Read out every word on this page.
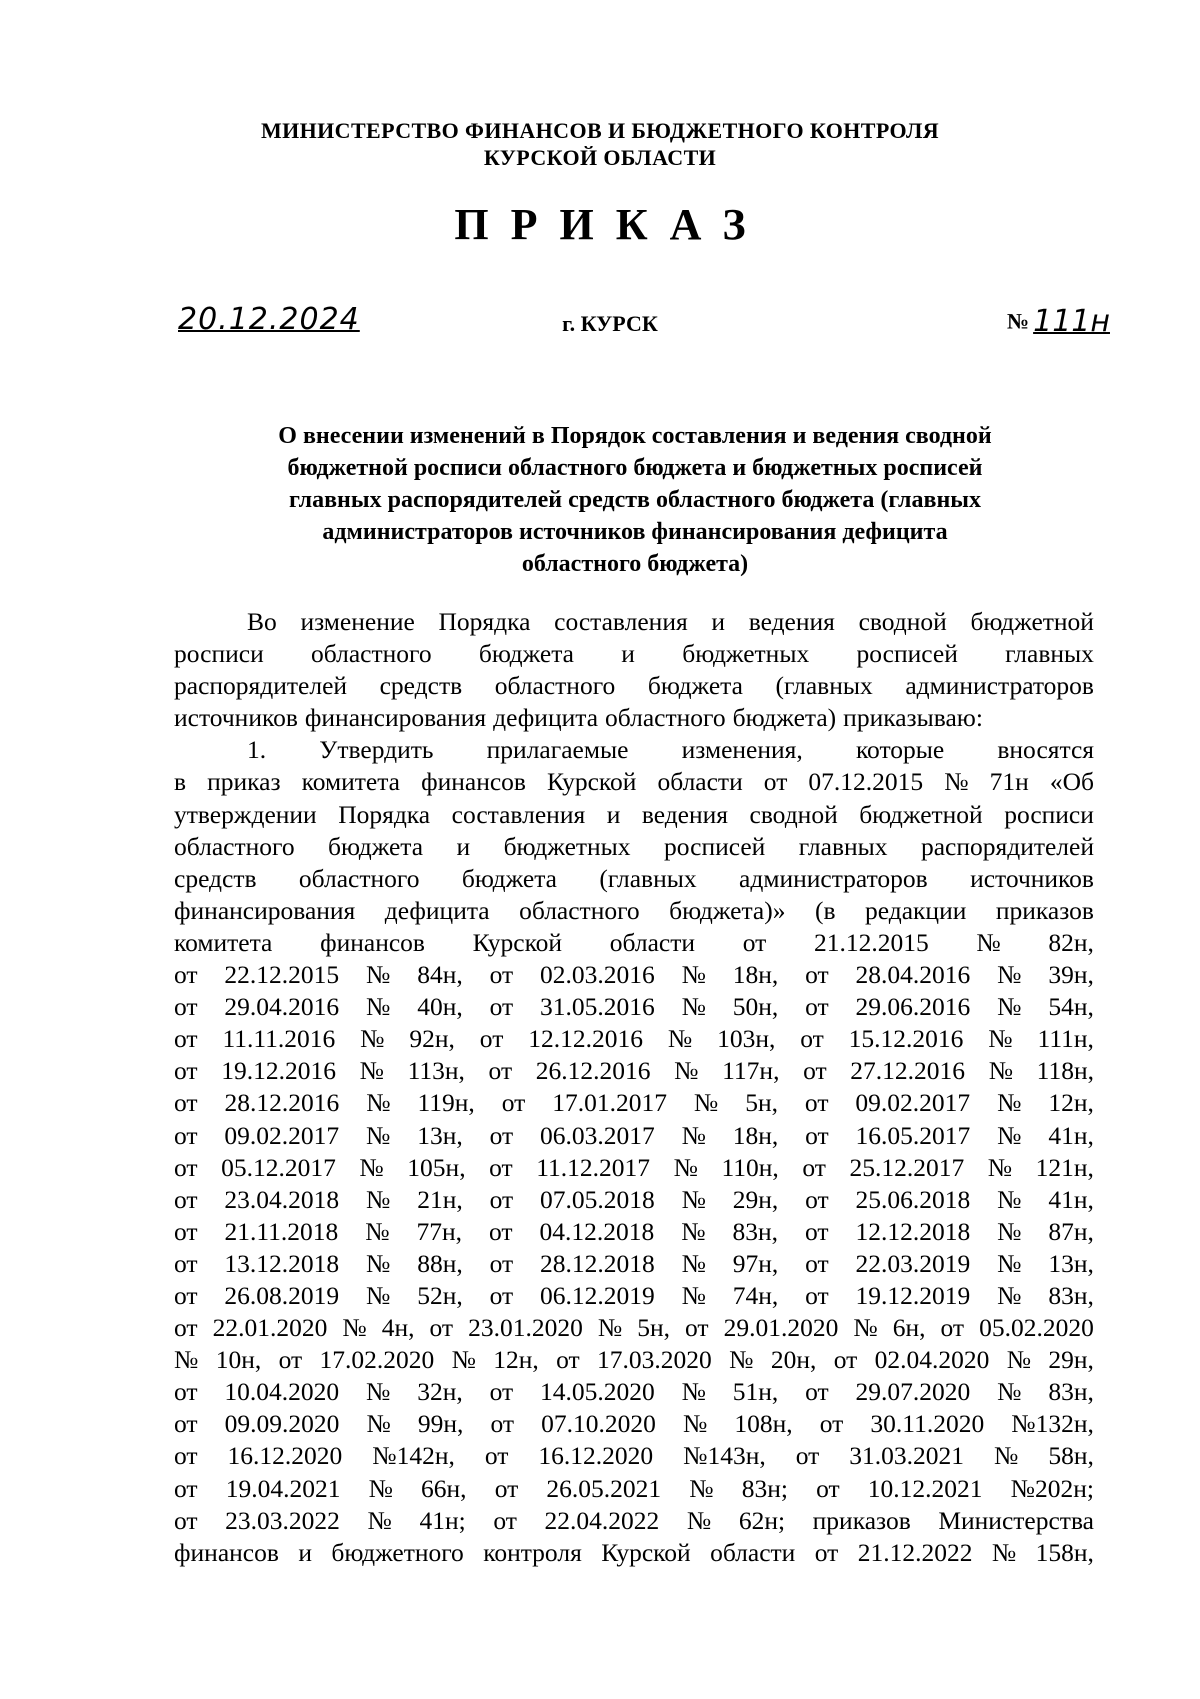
МИНИСТЕРСТВО ФИНАНСОВ И БЮДЖЕТНОГО КОНТРОЛЯ
КУРСКОЙ ОБЛАСТИ
ПРИКАЗ
20.12.2024	г. КУРСК	№ 111н
О внесении изменений в Порядок составления и ведения сводной
бюджетной росписи областного бюджета и бюджетных росписей
главных распорядителей средств областного бюджета (главных
администраторов источников финансирования дефицита
областного бюджета)
Во изменение Порядка составления и ведения сводной бюджетной
росписи областного бюджета и бюджетных росписей главных
распорядителей средств областного бюджета (главных администраторов
источников финансирования дефицита областного бюджета) приказываю:
1. Утвердить прилагаемые изменения, которые вносятся
в приказ комитета финансов Курской области от 07.12.2015 № 71н «Об
утверждении Порядка составления и ведения сводной бюджетной росписи
областного бюджета и бюджетных росписей главных распорядителей
средств областного бюджета (главных администраторов источников
финансирования дефицита областного бюджета)» (в редакции приказов
комитета финансов Курской области от 21.12.2015 № 82н,
от 22.12.2015 № 84н, от 02.03.2016 № 18н, от 28.04.2016 № 39н,
от 29.04.2016 № 40н, от 31.05.2016 № 50н, от 29.06.2016 № 54н,
от 11.11.2016 № 92н, от 12.12.2016 № 103н, от 15.12.2016 № 111н,
от 19.12.2016 № 113н, от 26.12.2016 № 117н, от 27.12.2016 № 118н,
от 28.12.2016 № 119н, от 17.01.2017 № 5н, от 09.02.2017 № 12н,
от 09.02.2017 № 13н, от 06.03.2017 № 18н, от 16.05.2017 № 41н,
от 05.12.2017 № 105н, от 11.12.2017 № 110н, от 25.12.2017 № 121н,
от 23.04.2018 № 21н, от 07.05.2018 № 29н, от 25.06.2018 № 41н,
от 21.11.2018 № 77н, от 04.12.2018 № 83н, от 12.12.2018 № 87н,
от 13.12.2018 № 88н, от 28.12.2018 № 97н, от 22.03.2019 № 13н,
от 26.08.2019 № 52н, от 06.12.2019 № 74н, от 19.12.2019 № 83н,
от 22.01.2020 № 4н, от 23.01.2020 № 5н, от 29.01.2020 № 6н, от 05.02.2020
№ 10н, от 17.02.2020 № 12н, от 17.03.2020 № 20н, от 02.04.2020 № 29н,
от 10.04.2020 № 32н, от 14.05.2020 № 51н, от 29.07.2020 № 83н,
от 09.09.2020 № 99н, от 07.10.2020 № 108н, от 30.11.2020 №132н,
от 16.12.2020 №142н, от 16.12.2020 №143н, от 31.03.2021 № 58н,
от 19.04.2021 № 66н, от 26.05.2021 № 83н; от 10.12.2021 №202н;
от 23.03.2022 № 41н; от 22.04.2022 № 62н; приказов Министерства
финансов и бюджетного контроля Курской области от 21.12.2022 № 158н,
